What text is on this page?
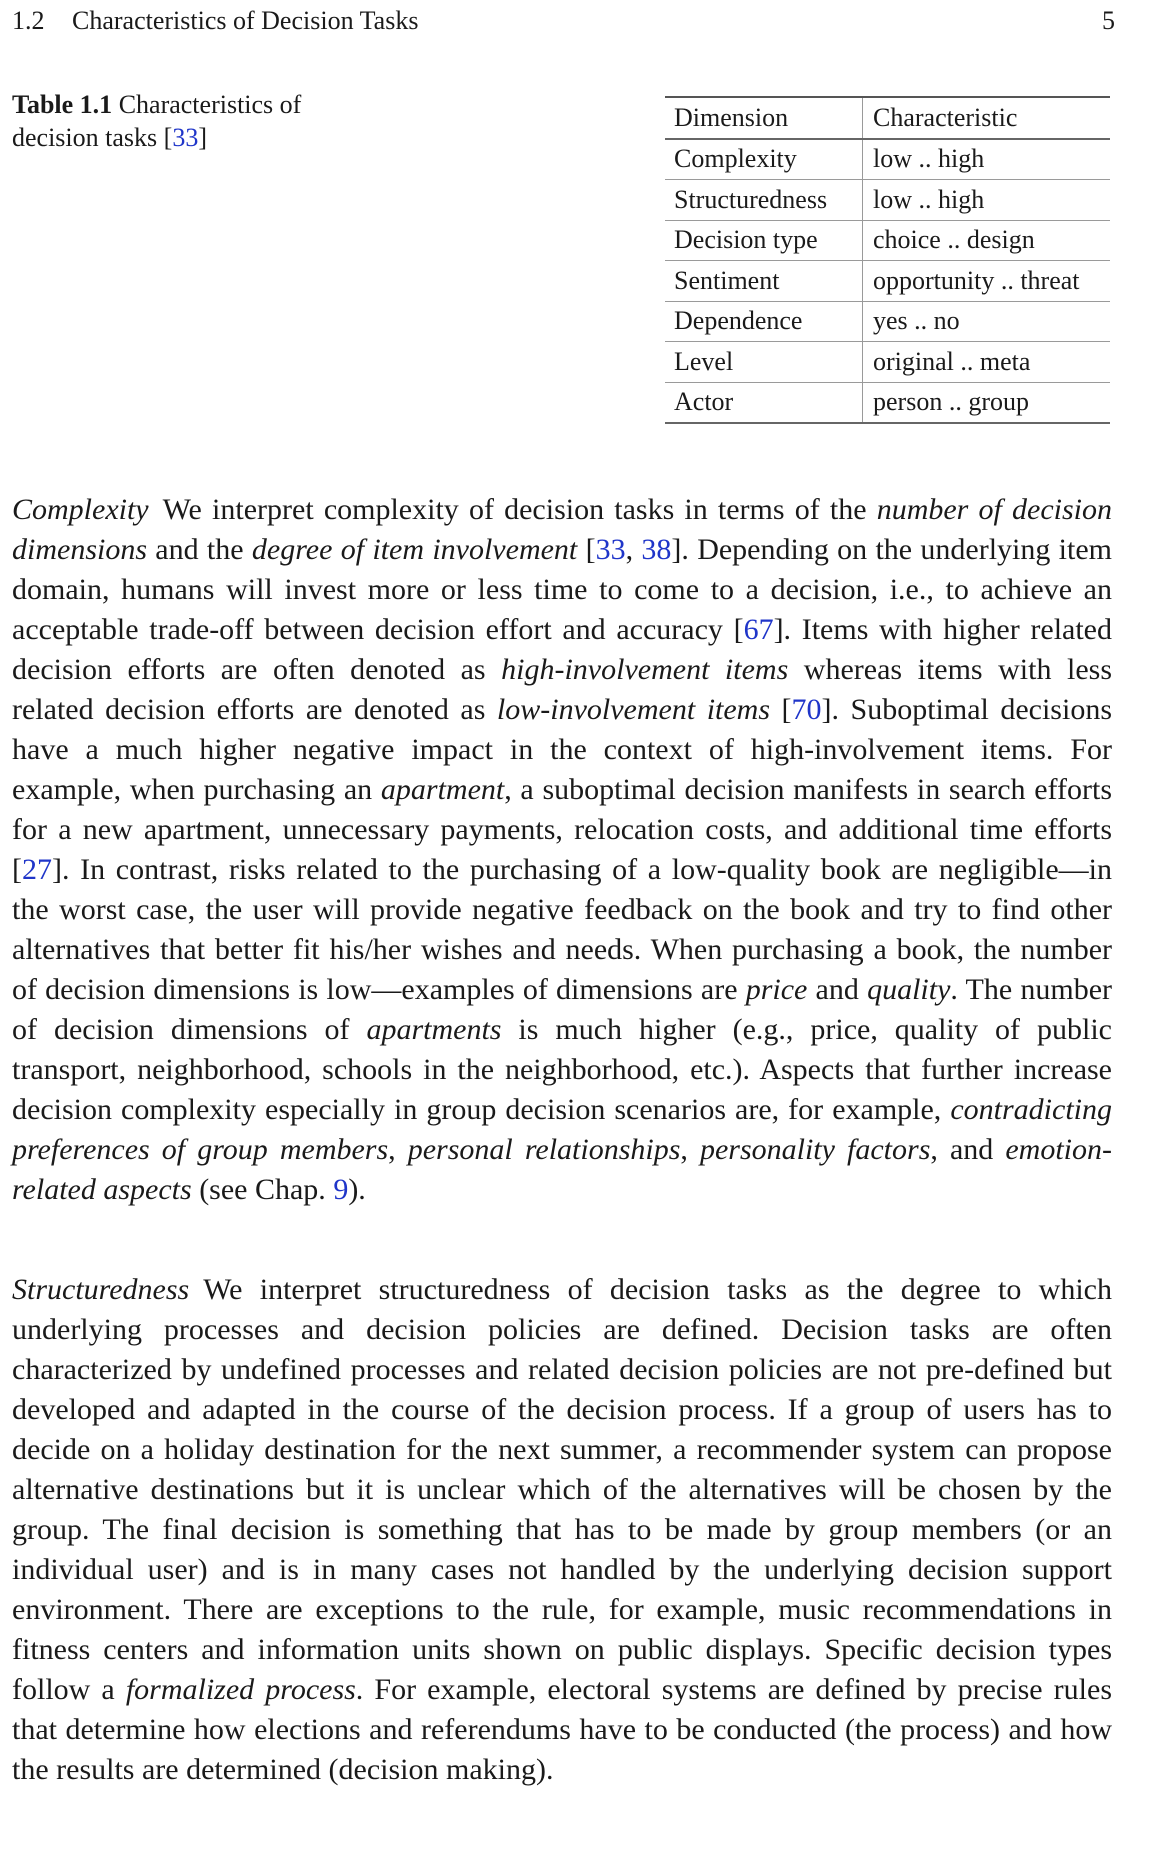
1.2 Characteristics of Decision Tasks	5
Table 1.1 Characteristics of decision tasks [33]
Dimension	Characteristic
Complexity	low .. high
Structuredness	low .. high
Decision type	choice .. design
Sentiment	opportunity .. threat
Dependence	yes .. no
Level	original .. meta
Actor	person .. group

Complexity We interpret complexity of decision tasks in terms of the number of decision dimensions and the degree of item involvement [33, 38]. Depending on the underlying item domain, humans will invest more or less time to come to a decision, i.e., to achieve an acceptable trade-off between decision effort and accuracy [67]. Items with higher related decision efforts are often denoted as high-involvement items whereas items with less related decision efforts are denoted as low-involvement items [70]. Suboptimal decisions have a much higher negative impact in the context of high-involvement items. For example, when purchasing an apartment, a suboptimal decision manifests in search efforts for a new apartment, unnecessary payments, relocation costs, and additional time efforts [27]. In contrast, risks related to the purchasing of a low-quality book are negligible—in the worst case, the user will provide negative feedback on the book and try to find other alternatives that better fit his/her wishes and needs. When purchasing a book, the number of decision dimensions is low—examples of dimensions are price and quality. The number of decision dimensions of apartments is much higher (e.g., price, quality of public transport, neighborhood, schools in the neighborhood, etc.). Aspects that further increase decision complexity especially in group decision scenarios are, for example, contradicting preferences of group members, personal relationships, personality factors, and emotion-related aspects (see Chap. 9).

Structuredness We interpret structuredness of decision tasks as the degree to which underlying processes and decision policies are defined. Decision tasks are often characterized by undefined processes and related decision policies are not pre-defined but developed and adapted in the course of the decision process. If a group of users has to decide on a holiday destination for the next summer, a recommender system can propose alternative destinations but it is unclear which of the alternatives will be chosen by the group. The final decision is something that has to be made by group members (or an individual user) and is in many cases not handled by the underlying decision support environment. There are exceptions to the rule, for example, music recommendations in fitness centers and information units shown on public displays. Specific decision types follow a formalized process. For example, electoral systems are defined by precise rules that determine how elections and referendums have to be conducted (the process) and how the results are determined (decision making).
